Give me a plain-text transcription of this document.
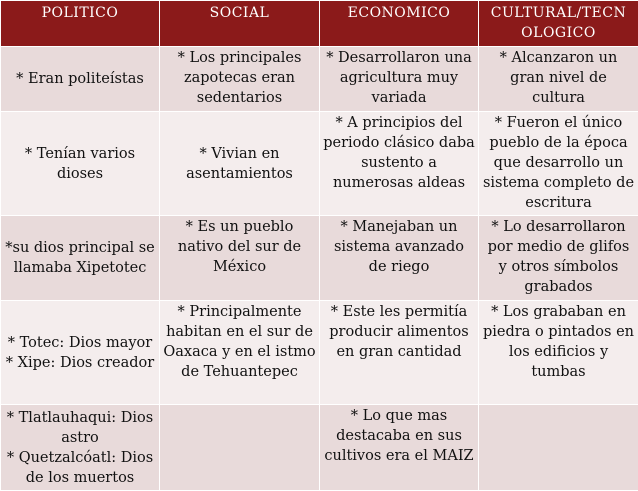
POLITICO	SOCIAL	ECONOMICO	CULTURAL/TECN OLOGICO

* Eran politeístas	* Los principales zapotecas eran sedentarios	* Desarrollaron una agricultura muy variada	* Alcanzaron un gran nivel de cultura

* Tenían varios dioses	* Vivian en asentamientos	* A principios del periodo clásico daba sustento a numerosas aldeas	* Fueron el único pueblo de la época que desarrollo un sistema completo de escritura

*su dios principal se llamaba Xipetotec	* Es un pueblo nativo del sur de México	* Manejaban un sistema avanzado de riego	* Lo desarrollaron por medio de glifos y otros símbolos grabados

* Totec: Dios mayor
* Xipe: Dios creador	* Principalmente habitan en el sur de Oaxaca y en el istmo de Tehuantepec	* Este les permitía producir alimentos en gran cantidad	* Los grababan en piedra o pintados en los edificios y tumbas

* Tlatlauhaqui: Dios astro
* Quetzalcóatl: Dios de los muertos		* Lo que mas destacaba en sus cultivos era el MAIZ	
